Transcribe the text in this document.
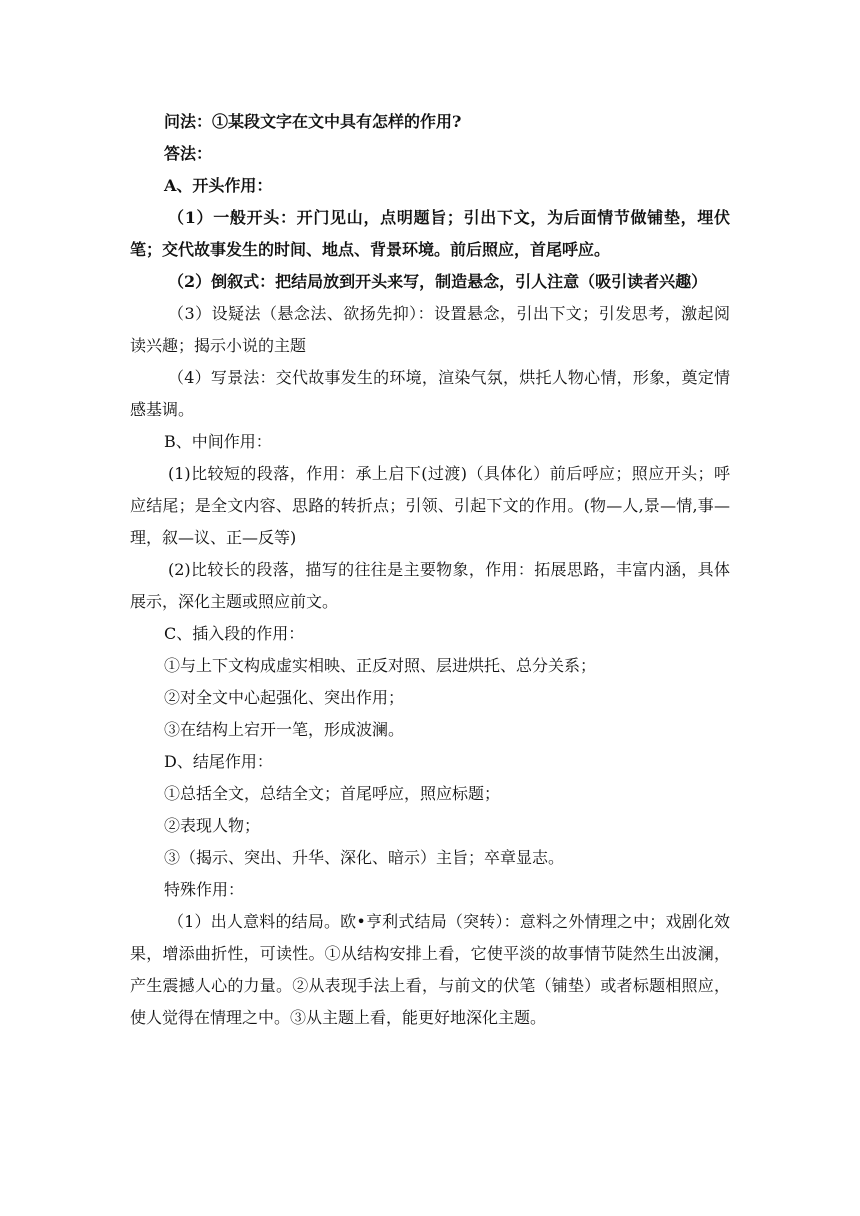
问法：①某段文字在文中具有怎样的作用?

答法：

A、开头作用：

（1）一般开头：开门见山，点明题旨；引出下文，为后面情节做铺垫，埋伏笔；交代故事发生的时间、地点、背景环境。前后照应，首尾呼应。

（2）倒叙式：把结局放到开头来写，制造悬念，引人注意（吸引读者兴趣）

（3）设疑法（悬念法、欲扬先抑）：设置悬念，引出下文；引发思考，激起阅读兴趣；揭示小说的主题

（4）写景法：交代故事发生的环境，渲染气氛，烘托人物心情，形象，奠定情感基调。

B、中间作用：

(1)比较短的段落，作用：承上启下(过渡)（具体化）前后呼应；照应开头；呼应结尾；是全文内容、思路的转折点；引领、引起下文的作用。(物—人,景—情,事—理，叙—议、正—反等)

(2)比较长的段落，描写的往往是主要物象，作用：拓展思路，丰富内涵，具体展示，深化主题或照应前文。

C、插入段的作用：

①与上下文构成虚实相映、正反对照、层进烘托、总分关系；

②对全文中心起强化、突出作用；

③在结构上宕开一笔，形成波澜。

D、结尾作用：

①总括全文，总结全文；首尾呼应，照应标题；

②表现人物；

③（揭示、突出、升华、深化、暗示）主旨；卒章显志。

特殊作用：

（1）出人意料的结局。欧•亨利式结局（突转）：意料之外情理之中；戏剧化效果，增添曲折性，可读性。①从结构安排上看，它使平淡的故事情节陡然生出波澜，产生震撼人心的力量。②从表现手法上看，与前文的伏笔（铺垫）或者标题相照应，使人觉得在情理之中。③从主题上看，能更好地深化主题。
